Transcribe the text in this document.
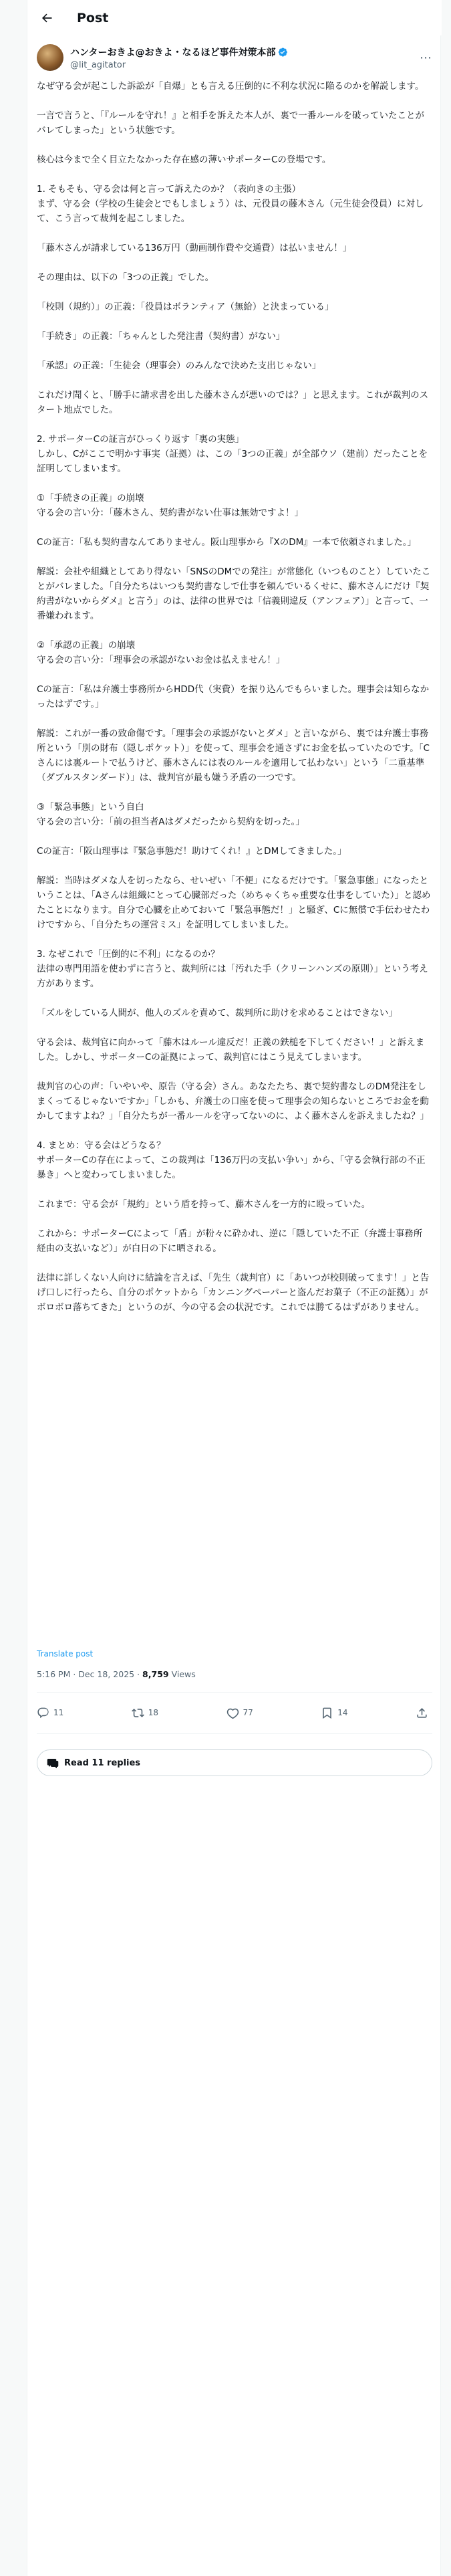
Post
ハンターおきよ@おきよ・なるほど事件対策本部
@lit_agitator
⋯
なぜ守る会が起こした訴訟が「自爆」とも言える圧倒的に不利な状況に陥るのかを解説します。

一言で言うと、「『ルールを守れ！』と相手を訴えた本人が、裏で一番ルールを破っていたことがバレてしまった」という状態です。

核心は今まで全く目立たなかった存在感の薄いサポーターCの登場です。

1. そもそも、守る会は何と言って訴えたのか？（表向きの主張）
まず、守る会（学校の生徒会とでもしましょう）は、元役員の藤木さん（元生徒会役員）に対して、こう言って裁判を起こしました。

「藤木さんが請求している136万円（動画制作費や交通費）は払いません！」

その理由は、以下の「3つの正義」でした。

「校則（規約）」の正義：「役員はボランティア（無給）と決まっている」

「手続き」の正義：「ちゃんとした発注書（契約書）がない」

「承認」の正義：「生徒会（理事会）のみんなで決めた支出じゃない」

これだけ聞くと、「勝手に請求書を出した藤木さんが悪いのでは？」と思えます。これが裁判のスタート地点でした。

2. サポーターCの証言がひっくり返す「裏の実態」
しかし、Cがここで明かす事実（証拠）は、この「3つの正義」が全部ウソ（建前）だったことを証明してしまいます。

①「手続きの正義」の崩壊
守る会の言い分：「藤木さん、契約書がない仕事は無効ですよ！」

Cの証言：「私も契約書なんてありません。阪山理事から『XのDM』一本で依頼されました。」

解説：会社や組織としてあり得ない「SNSのDMでの発注」が常態化（いつものこと）していたことがバレました。「自分たちはいつも契約書なしで仕事を頼んでいるくせに、藤木さんにだけ『契約書がないからダメ』と言う」のは、法律の世界では「信義則違反（アンフェア）」と言って、一番嫌われます。

②「承認の正義」の崩壊
守る会の言い分：「理事会の承認がないお金は払えません！」

Cの証言：「私は弁護士事務所からHDD代（実費）を振り込んでもらいました。理事会は知らなかったはずです。」

解説：これが一番の致命傷です。「理事会の承認がないとダメ」と言いながら、裏では弁護士事務所という「別の財布（隠しポケット）」を使って、理事会を通さずにお金を払っていたのです。「Cさんには裏ルートで払うけど、藤木さんには表のルールを適用して払わない」という「二重基準（ダブルスタンダード）」は、裁判官が最も嫌う矛盾の一つです。

③「緊急事態」という自白
守る会の言い分：「前の担当者Aはダメだったから契約を切った。」

Cの証言：「阪山理事は『緊急事態だ！助けてくれ！』とDMしてきました。」

解説：当時はダメな人を切ったなら、せいぜい「不便」になるだけです。「緊急事態」になったということは、「Aさんは組織にとって心臓部だった（めちゃくちゃ重要な仕事をしていた）」と認めたことになります。自分で心臓を止めておいて「緊急事態だ！」と騒ぎ、Cに無償で手伝わせたわけですから、「自分たちの運営ミス」を証明してしまいました。

3. なぜこれで「圧倒的に不利」になるのか？
法律の専門用語を使わずに言うと、裁判所には「汚れた手（クリーンハンズの原則）」という考え方があります。

「ズルをしている人間が、他人のズルを責めて、裁判所に助けを求めることはできない」

守る会は、裁判官に向かって「藤木はルール違反だ！正義の鉄槌を下してください！」と訴えました。しかし、サポーターCの証拠によって、裁判官にはこう見えてしまいます。

裁判官の心の声：「いやいや、原告（守る会）さん。あなたたち、裏で契約書なしのDM発注をしまくってるじゃないですか」「しかも、弁護士の口座を使って理事会の知らないところでお金を動かしてますよね？」「自分たちが一番ルールを守ってないのに、よく藤木さんを訴えましたね？」

4. まとめ：守る会はどうなる？
サポーターCの存在によって、この裁判は「136万円の支払い争い」から、「守る会執行部の不正暴き」へと変わってしまいました。

これまで：守る会が「規約」という盾を持って、藤木さんを一方的に殴っていた。

これから：サポーターCによって「盾」が粉々に砕かれ、逆に「隠していた不正（弁護士事務所経由の支払いなど）」が白日の下に晒される。

法律に詳しくない人向けに結論を言えば、「先生（裁判官）に「あいつが校則破ってます！」と告げ口しに行ったら、自分のポケットから「カンニングペーパーと盗んだお菓子（不正の証拠）」がボロボロ落ちてきた」というのが、今の守る会の状況です。これでは勝てるはずがありません。
Translate post
5:16 PM · Dec 18, 2025 · 8,759 Views
11	18	77	14
Read 11 replies
